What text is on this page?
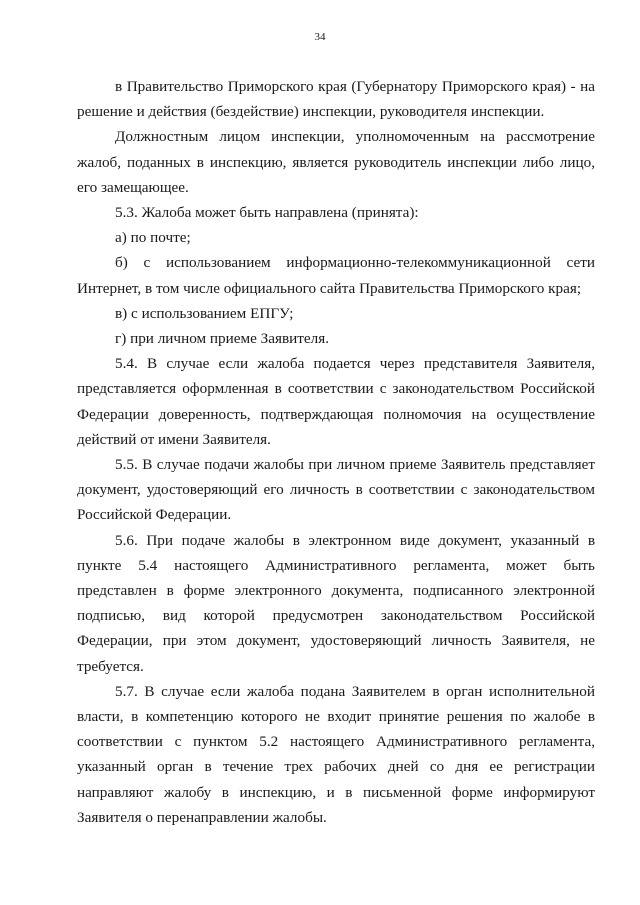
34

в Правительство Приморского края (Губернатору Приморского края) - на решение и действия (бездействие) инспекции, руководителя инспекции.

Должностным лицом инспекции, уполномоченным на рассмотрение жалоб, поданных в инспекцию, является руководитель инспекции либо лицо, его замещающее.

5.3. Жалоба может быть направлена (принята):

а) по почте;

б) с использованием информационно-телекоммуникационной сети Интернет, в том числе официального сайта Правительства Приморского края;

в) с использованием ЕПГУ;

г) при личном приеме Заявителя.

5.4. В случае если жалоба подается через представителя Заявителя, представляется оформленная в соответствии с законодательством Российской Федерации доверенность, подтверждающая полномочия на осуществление действий от имени Заявителя.

5.5. В случае подачи жалобы при личном приеме Заявитель представляет документ, удостоверяющий его личность в соответствии с законодательством Российской Федерации.

5.6. При подаче жалобы в электронном виде документ, указанный в пункте 5.4 настоящего Административного регламента, может быть представлен в форме электронного документа, подписанного электронной подписью, вид которой предусмотрен законодательством Российской Федерации, при этом документ, удостоверяющий личность Заявителя, не требуется.

5.7. В случае если жалоба подана Заявителем в орган исполнительной власти, в компетенцию которого не входит принятие решения по жалобе в соответствии с пунктом 5.2 настоящего Административного регламента, указанный орган в течение трех рабочих дней со дня ее регистрации направляют жалобу в инспекцию, и в письменной форме информируют Заявителя о перенаправлении жалобы.
